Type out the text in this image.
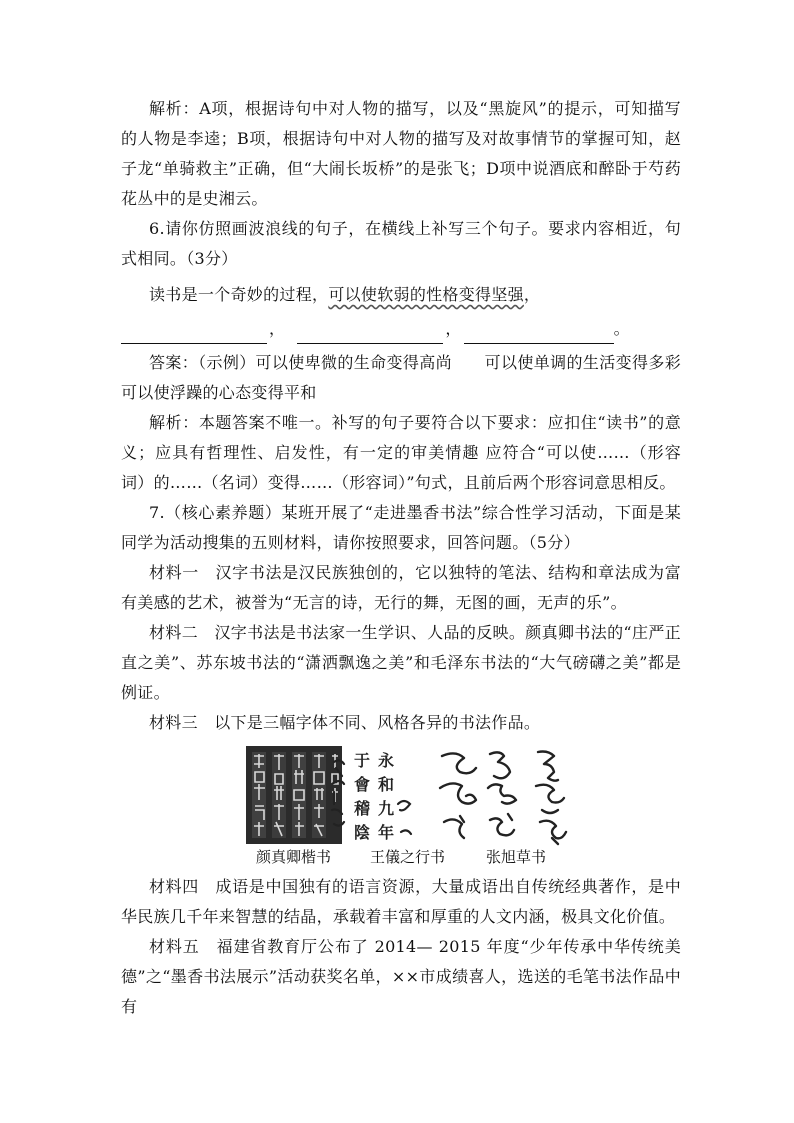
解析：A项，根据诗句中对人物的描写，以及“黑旋风”的提示，可知描写的人物是李逵；B项，根据诗句中对人物的描写及对故事情节的掌握可知，赵子龙“单骑救主”正确，但“大闹长坂桥”的是张飞；D项中说酒底和醉卧于芍药花丛中的是史湘云。

6.请你仿照画波浪线的句子，在横线上补写三个句子。要求内容相近，句式相同。（3分）

读书是一个奇妙的过程，可以使软弱的性格变得坚强，

，	，	。

答案：（示例）可以使卑微的生命变得高尚　　可以使单调的生活变得多彩可以使浮躁的心态变得平和

解析：本题答案不唯一。补写的句子要符合以下要求：应扣住“读书”的意义；应具有哲理性、启发性，有一定的审美情趣 应符合“可以使……（形容词）的……（名词）变得……（形容词）”句式，且前后两个形容词意思相反。

7.（核心素养题）某班开展了“走进墨香书法”综合性学习活动，下面是某同学为活动搜集的五则材料，请你按照要求，回答问题。（5分）

材料一　汉字书法是汉民族独创的，它以独特的笔法、结构和章法成为富有美感的艺术，被誉为“无言的诗，无行的舞，无图的画，无声的乐”。

材料二　汉字书法是书法家一生学识、人品的反映。颜真卿书法的“庄严正直之美”、苏东坡书法的“潇洒飘逸之美”和毛泽东书法的“大气磅礴之美”都是例证。

材料三　以下是三幅字体不同、风格各异的书法作品。

于
會
稽
陰
永
和
九
年
颜真卿楷书	王儀之行书	张旭草书

材料四　成语是中国独有的语言资源，大量成语出自传统经典著作，是中华民族几千年来智慧的结晶，承载着丰富和厚重的人文内涵，极具文化价值。

材料五　福建省教育厅公布了 2014— 2015 年度“少年传承中华传统美德”之“墨香书法展示”活动获奖名单，××市成绩喜人，选送的毛笔书法作品中有
